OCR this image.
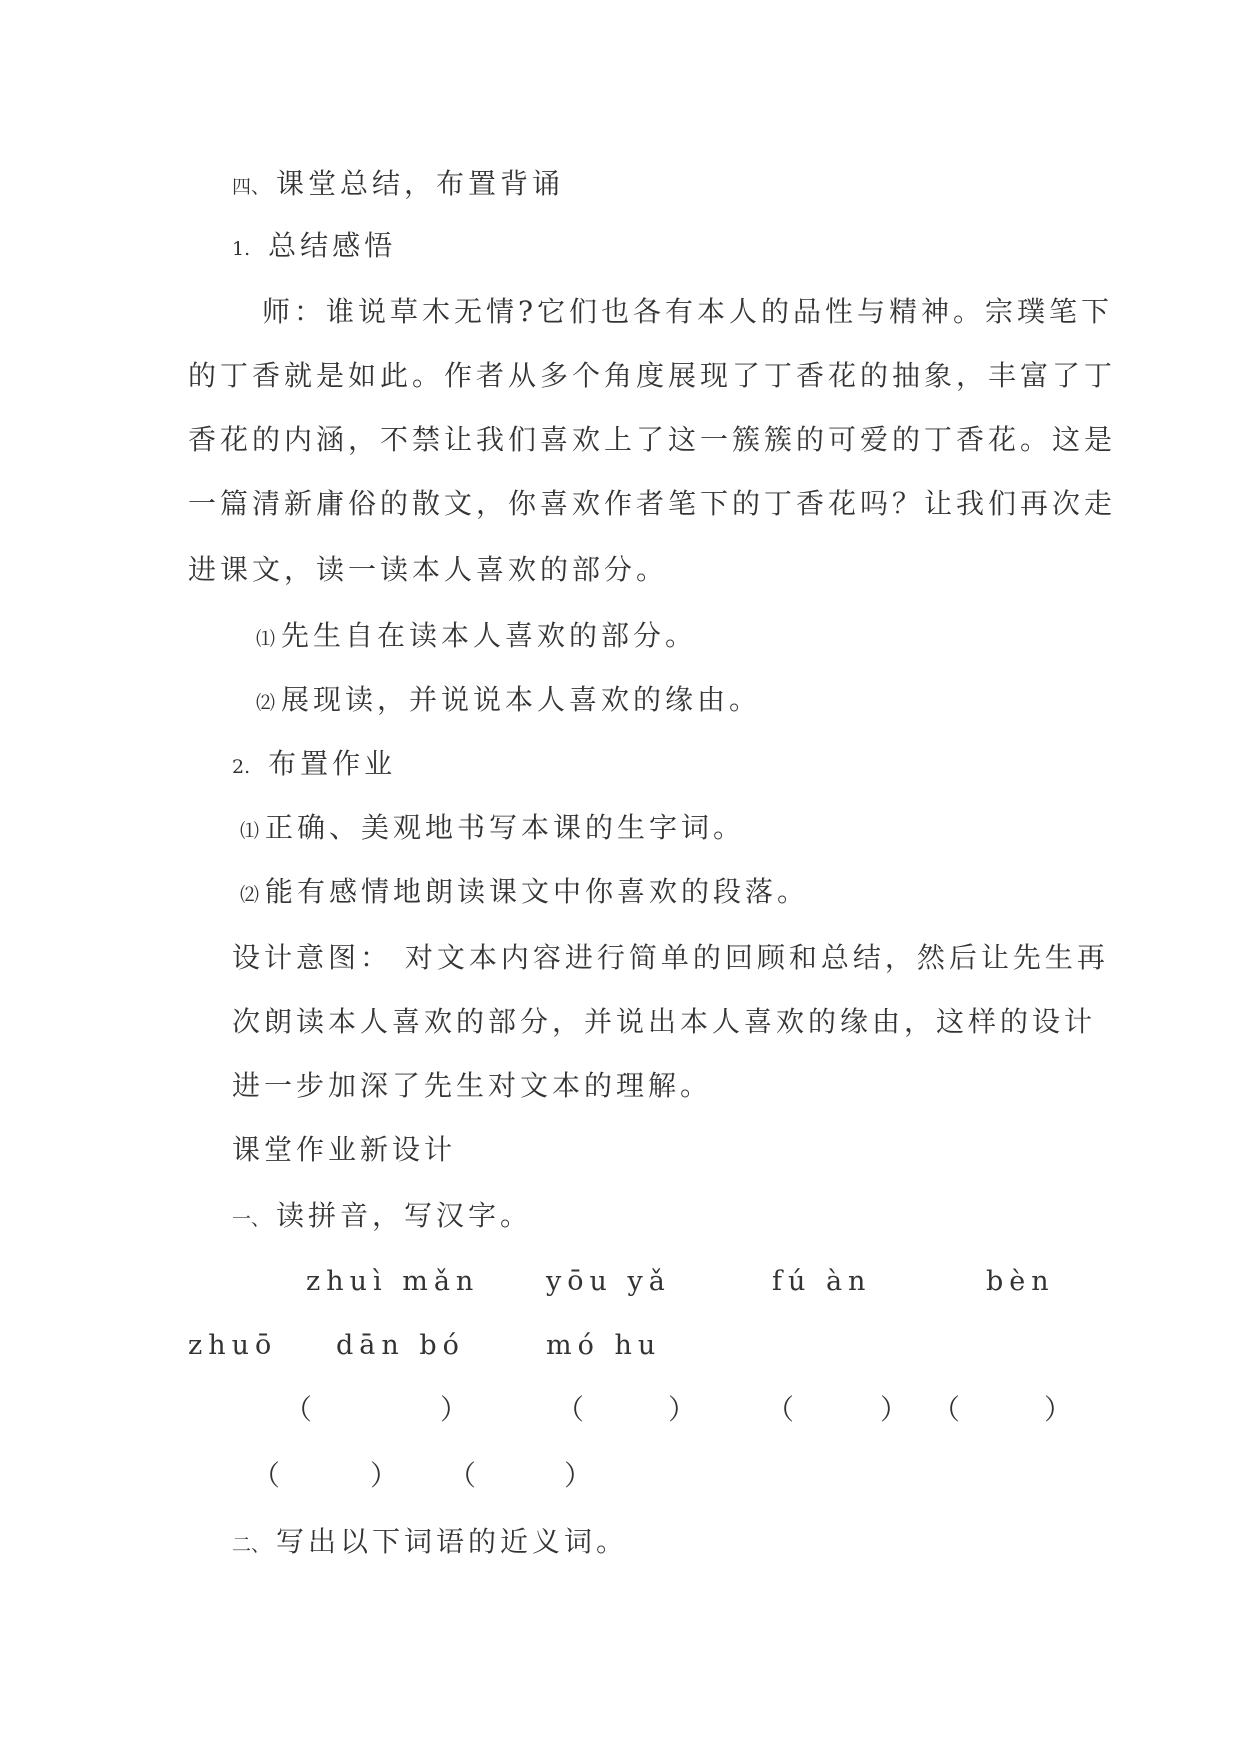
四、 课堂总结，布置背诵
1. 总结感悟
师：谁说草木无情?它们也各有本人的品性与精神。宗璞笔下
的丁香就是如此。作者从多个角度展现了丁香花的抽象，丰富了丁
香花的内涵，不禁让我们喜欢上了这一簇簇的可爱的丁香花。这是
一篇清新庸俗的散文，你喜欢作者笔下的丁香花吗？让我们再次走
进课文，读一读本人喜欢的部分。
⑴ 先生自在读本人喜欢的部分。
⑵ 展现读，并说说本人喜欢的缘由。
2. 布置作业
⑴ 正确、美观地书写本课的生字词。
⑵ 能有感情地朗读课文中你喜欢的段落。
设计意图： 对文本内容进行简单的回顾和总结，然后让先生再
次朗读本人喜欢的部分，并说出本人喜欢的缘由，这样的设计
进一步加深了先生对文本的理解。
课堂作业新设计
一、 读拼音，写汉字。
zhuì mǎn yōu yǎ	fú àn	bèn
zhuō dān bó	mó hu
（	）	（	） （	） （	）
（	） （	）
二、 写出以下词语的近义词。
